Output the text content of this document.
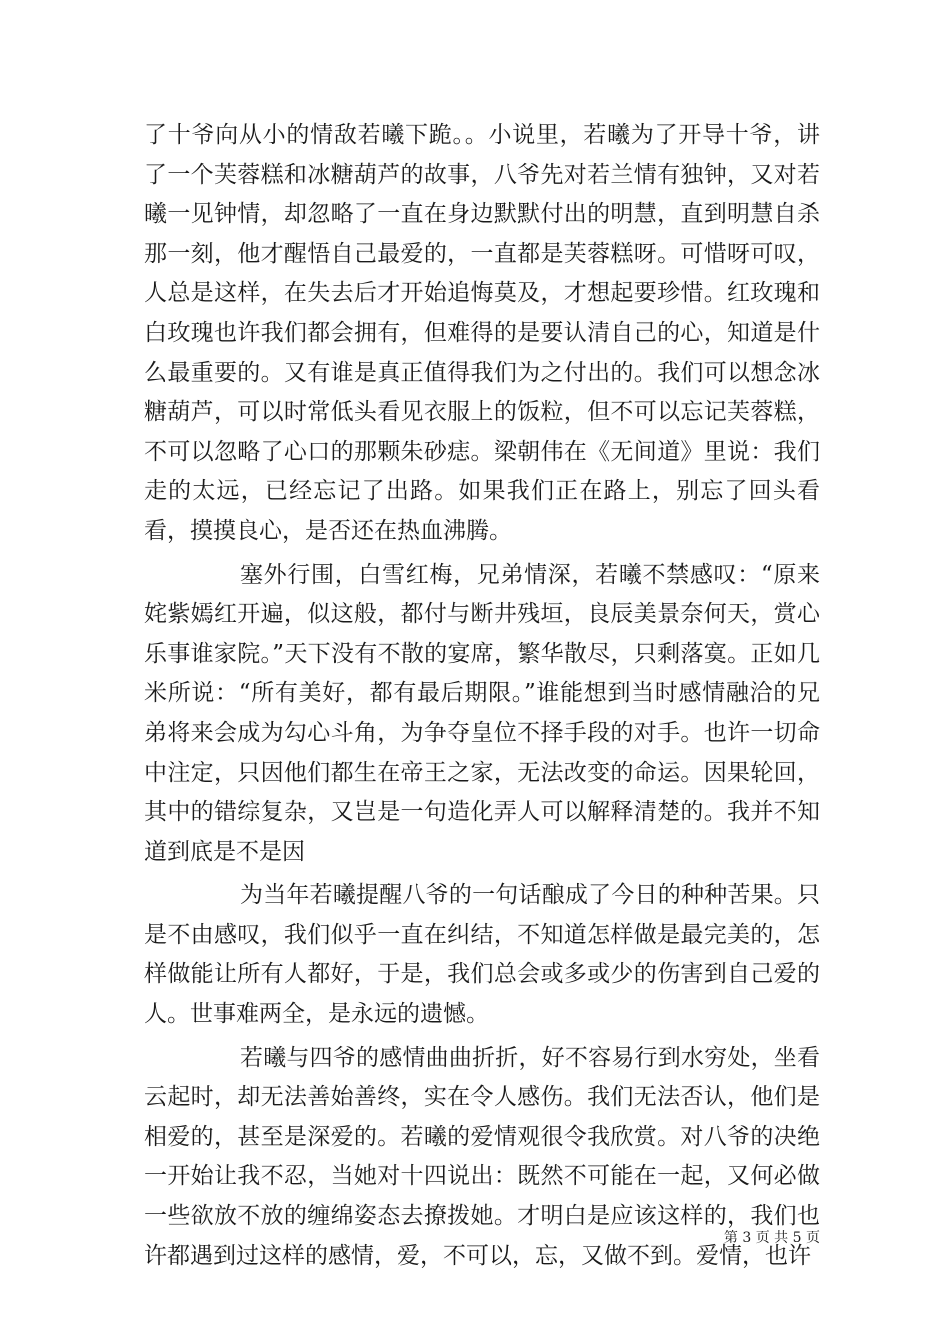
了十爷向从小的情敌若曦下跪。。小说里，若曦为了开导十爷，讲了一个芙蓉糕和冰糖葫芦的故事，八爷先对若兰情有独钟，又对若曦一见钟情，却忽略了一直在身边默默付出的明慧，直到明慧自杀那一刻，他才醒悟自己最爱的，一直都是芙蓉糕呀。可惜呀可叹，人总是这样，在失去后才开始追悔莫及，才想起要珍惜。红玫瑰和白玫瑰也许我们都会拥有，但难得的是要认清自己的心，知道是什么最重要的。又有谁是真正值得我们为之付出的。我们可以想念冰糖葫芦，可以时常低头看见衣服上的饭粒，但不可以忘记芙蓉糕，不可以忽略了心口的那颗朱砂痣。梁朝伟在《无间道》里说：我们走的太远，已经忘记了出路。如果我们正在路上，别忘了回头看看，摸摸良心，是否还在热血沸腾。

塞外行围，白雪红梅，兄弟情深，若曦不禁感叹：“原来姹紫嫣红开遍，似这般，都付与断井残垣，良辰美景奈何天，赏心乐事谁家院。”天下没有不散的宴席，繁华散尽，只剩落寞。正如几米所说：“所有美好，都有最后期限。”谁能想到当时感情融洽的兄弟将来会成为勾心斗角，为争夺皇位不择手段的对手。也许一切命中注定，只因他们都生在帝王之家，无法改变的命运。因果轮回，其中的错综复杂，又岂是一句造化弄人可以解释清楚的。我并不知道到底是不是因

为当年若曦提醒八爷的一句话酿成了今日的种种苦果。只是不由感叹，我们似乎一直在纠结，不知道怎样做是最完美的，怎样做能让所有人都好，于是，我们总会或多或少的伤害到自己爱的人。世事难两全，是永远的遗憾。

若曦与四爷的感情曲曲折折，好不容易行到水穷处，坐看云起时，却无法善始善终，实在令人感伤。我们无法否认，他们是相爱的，甚至是深爱的。若曦的爱情观很令我欣赏。对八爷的决绝一开始让我不忍，当她对十四说出：既然不可能在一起，又何必做一些欲放不放的缠绵姿态去撩拨她。才明白是应该这样的，我们也许都遇到过这样的感情，爱，不可以，忘，又做不到。爱情，也许

第 3 页 共 5 页
